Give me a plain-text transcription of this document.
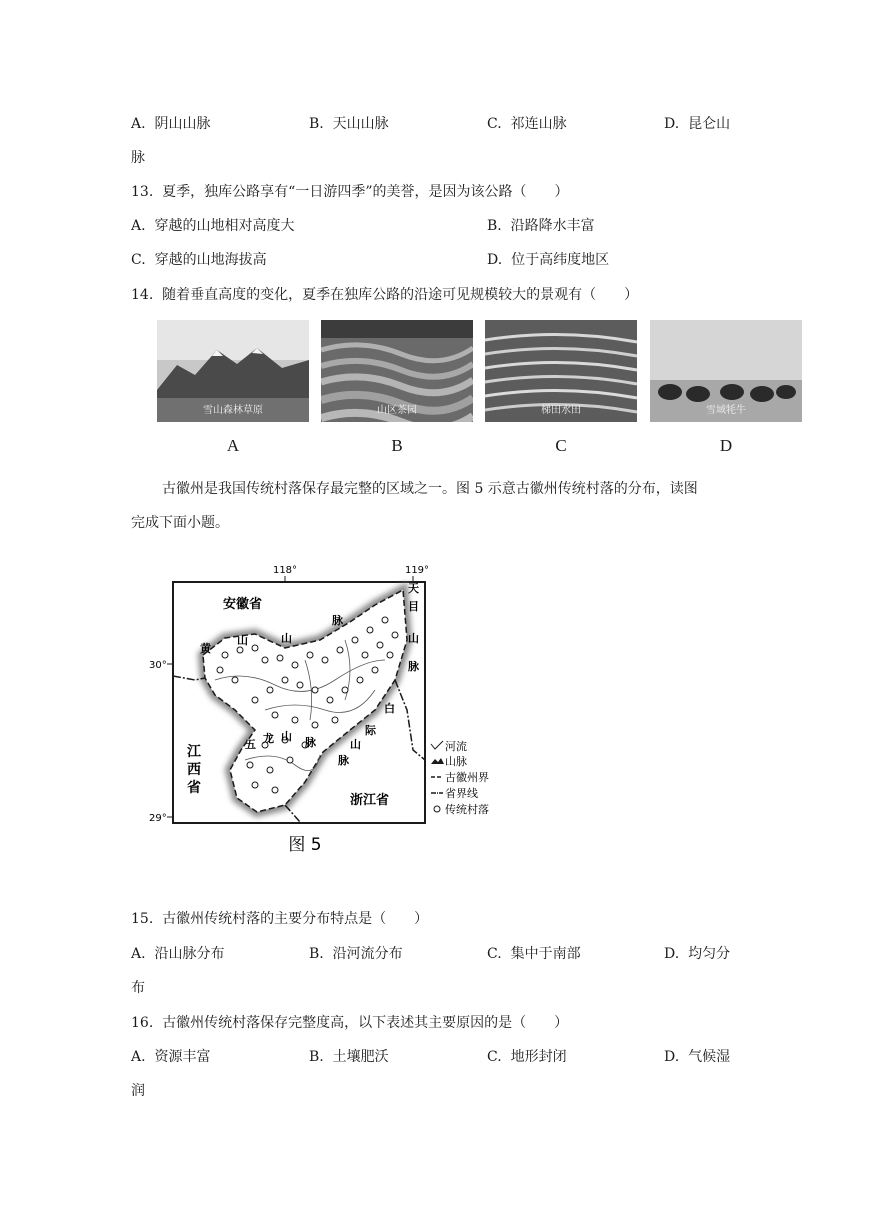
A. 阴山山脉	B. 天山山脉	C. 祁连山脉	D. 昆仑山
脉
13. 夏季，独库公路享有“一日游四季”的美誉，是因为该公路（　　）
A. 穿越的山地相对高度大	B. 沿路降水丰富
C. 穿越的山地海拔高	D. 位于高纬度地区
14. 随着垂直高度的变化，夏季在独库公路的沿途可见规模较大的景观有（　　）
雪山森林草原	山区茶园	梯田水田	雪域牦牛
A	B	C	D
古徽州是我国传统村落保存最完整的区域之一。图 5 示意古徽州传统村落的分布，读图
完成下面小题。
118°	119°
30°
29°
安徽省
浙江省
江
西
省
黄
山	山
脉
天
目
山
脉
白
际
山
脉
五 龙 山 脉	河流
山脉
古徽州界
省界线
传统村落
图 5
15. 古徽州传统村落的主要分布特点是（　　）
A. 沿山脉分布	B. 沿河流分布	C. 集中于南部	D. 均匀分
布
16. 古徽州传统村落保存完整度高，以下表述其主要原因的是（　　）
A. 资源丰富	B. 土壤肥沃	C. 地形封闭	D. 气候湿
润
